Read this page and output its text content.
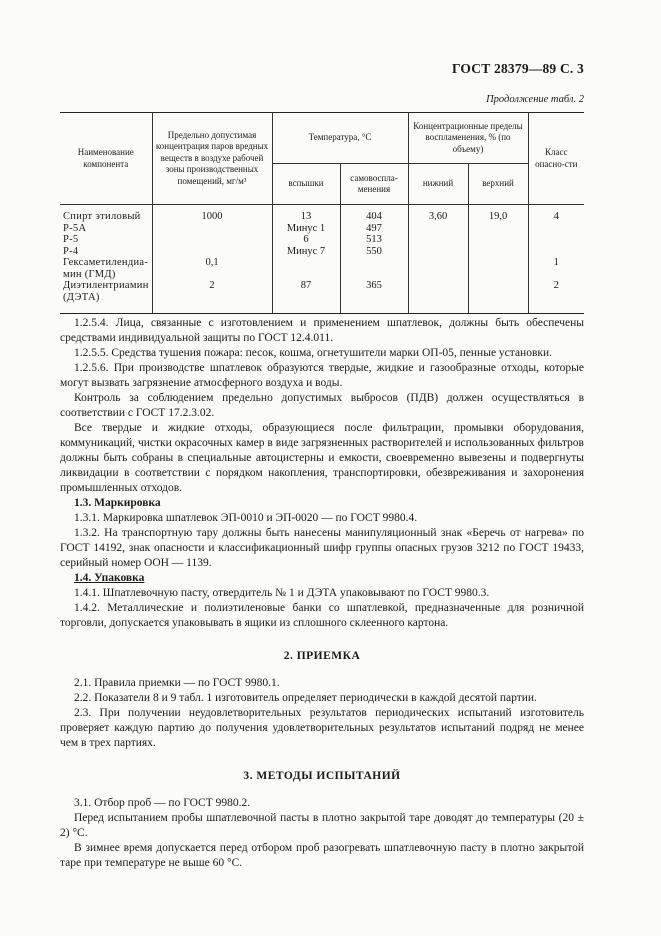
ГОСТ 28379—89 С. 3
Продолжение табл. 2
Наименование компонента	Предельно допустимая концентрация паров вредных веществ в воздухе рабочей зоны производственных помещений, мг/м³	Температура, °С		Концентрационные пределы воспламенения, % (по объему)		Класс опасно-сти
		вспышки	самовоспла-менения	нижний	верхний	
Спирт этиловый	1000	13	404	3,60	19,0	4
Р-5А		Минус 1	497			
Р-5		6	513			
Р-4		Минус 7	550			
Гексаметилендиа-	0,1					1
мин (ГМД)						
Диэтилентриамин	2	87	365			2
(ДЭТА)						

1.2.5.4. Лица, связанные с изготовлением и применением шпатлевок, должны быть обеспечены средствами индивидуальной защиты по ГОСТ 12.4.011.

1.2.5.5. Средства тушения пожара: песок, кошма, огнетушители марки ОП-05, пенные установки.

1.2.5.6. При производстве шпатлевок образуются твердые, жидкие и газообразные отходы, которые могут вызвать загрязнение атмосферного воздуха и воды.

Контроль за соблюдением предельно допустимых выбросов (ПДВ) должен осуществляться в соответствии с ГОСТ 17.2.3.02.

Все твердые и жидкие отходы, образующиеся после фильтрации, промывки оборудования, коммуникаций, чистки окрасочных камер в виде загрязненных растворителей и использованных фильтров должны быть собраны в специальные автоцистерны и емкости, своевременно вывезены и подвергнуты ликвидации в соответствии с порядком накопления, транспортировки, обезвреживания и захоронения промышленных отходов.

1.3. Маркировка

1.3.1. Маркировка шпатлевок ЭП-0010 и ЭП-0020 — по ГОСТ 9980.4.

1.3.2. На транспортную тару должны быть нанесены манипуляционный знак «Беречь от нагрева» по ГОСТ 14192, знак опасности и классификационный шифр группы опасных грузов 3212 по ГОСТ 19433, серийный номер ООН — 1139.

1.4. Упаковка

1.4.1. Шпатлевочную пасту, отвердитель № 1 и ДЭТА упаковывают по ГОСТ 9980.3.

1.4.2. Металлические и полиэтиленовые банки со шпатлевкой, предназначенные для розничной торговли, допускается упаковывать в ящики из сплошного склеенного картона.

2. ПРИЕМКА

2.1. Правила приемки — по ГОСТ 9980.1.

2.2. Показатели 8 и 9 табл. 1 изготовитель определяет периодически в каждой десятой партии.

2.3. При получении неудовлетворительных результатов периодических испытаний изготовитель проверяет каждую партию до получения удовлетворительных результатов испытаний подряд не менее чем в трех партиях.

3. МЕТОДЫ ИСПЫТАНИЙ

3.1. Отбор проб — по ГОСТ 9980.2.

Перед испытанием пробы шпатлевочной пасты в плотно закрытой таре доводят до температуры (20 ± 2) °С.

В зимнее время допускается перед отбором проб разогревать шпатлевочную пасту в плотно закрытой таре при температуре не выше 60 °С.
